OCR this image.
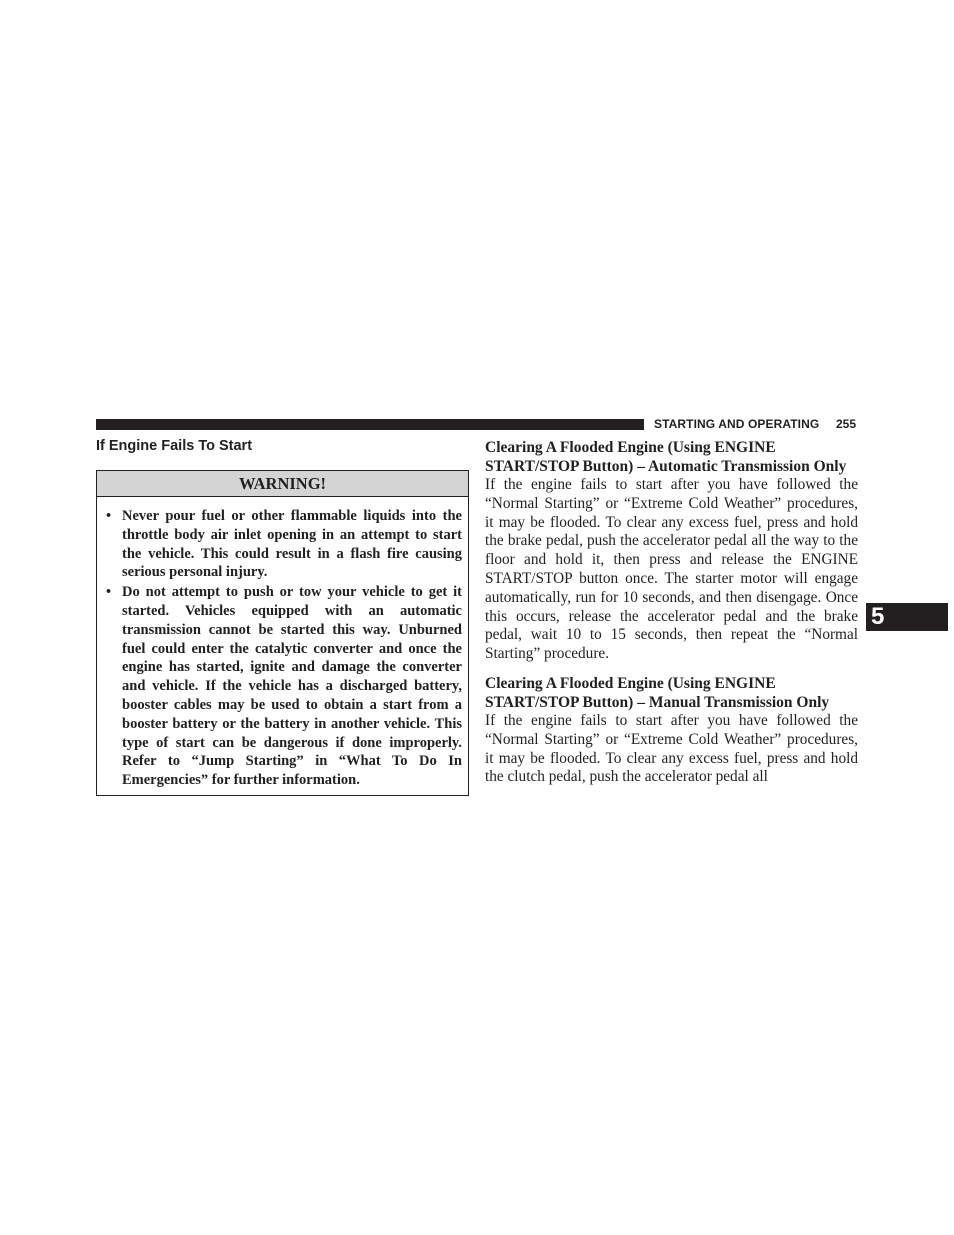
STARTING AND OPERATING 255
5
If Engine Fails To Start
WARNING!
• Never pour fuel or other flammable liquids into the throttle body air inlet opening in an attempt to start the vehicle. This could result in a flash fire causing serious personal injury.
• Do not attempt to push or tow your vehicle to get it started. Vehicles equipped with an automatic transmission cannot be started this way. Unburned fuel could enter the catalytic converter and once the engine has started, ignite and damage the converter and vehicle. If the vehicle has a discharged battery, booster cables may be used to obtain a start from a booster battery or the battery in another vehicle. This type of start can be dangerous if done improperly. Refer to “Jump Starting” in “What To Do In Emergencies” for further information.

Clearing A Flooded Engine (Using ENGINE START/STOP Button) – Automatic Transmission Only

If the engine fails to start after you have followed the “Normal Starting” or “Extreme Cold Weather” procedures, it may be flooded. To clear any excess fuel, press and hold the brake pedal, push the accelerator pedal all the way to the floor and hold it, then press and release the ENGINE START/STOP button once. The starter motor will engage automatically, run for 10 seconds, and then disengage. Once this occurs, release the accelerator pedal and the brake pedal, wait 10 to 15 seconds, then repeat the “Normal Starting” procedure.

Clearing A Flooded Engine (Using ENGINE START/STOP Button) – Manual Transmission Only

If the engine fails to start after you have followed the “Normal Starting” or “Extreme Cold Weather” procedures, it may be flooded. To clear any excess fuel, press and hold the clutch pedal, push the accelerator pedal all
